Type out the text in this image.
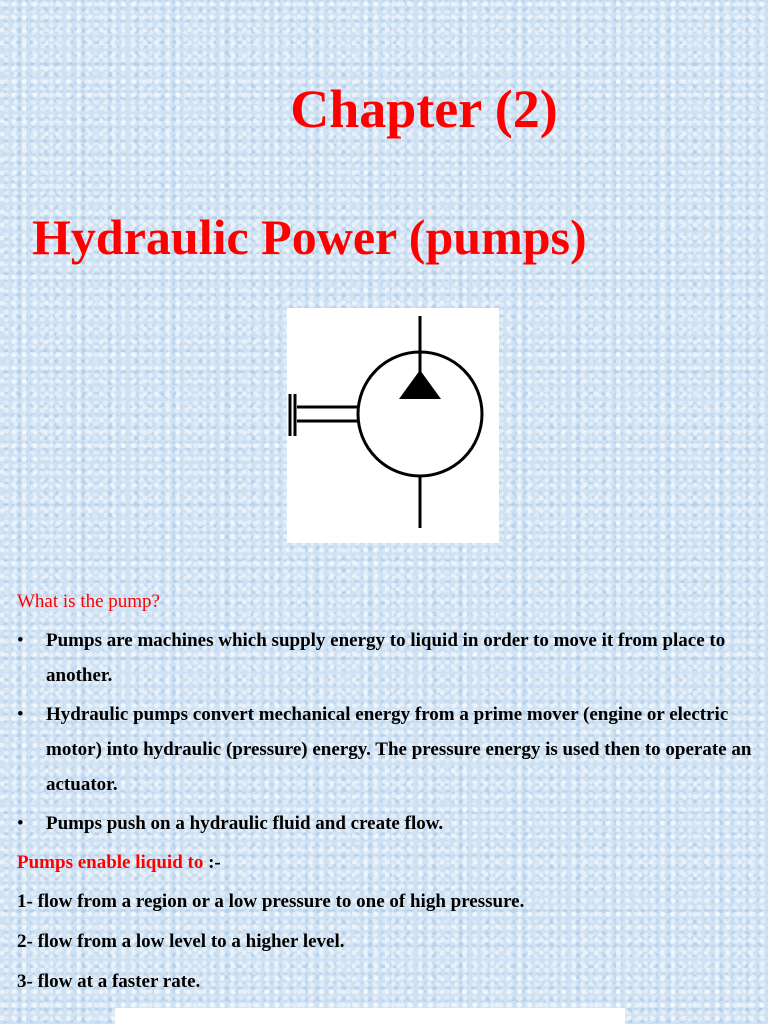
Chapter (2)
Hydraulic Power (pumps)

What is the pump?

• Pumps are machines which supply energy to liquid in order to move it from place to another.
• Hydraulic pumps convert mechanical energy from a prime mover (engine or electric motor) into hydraulic (pressure) energy. The pressure energy is used then to operate an actuator.
• Pumps push on a hydraulic fluid and create flow.

Pumps enable liquid to :-

1- flow from a region or a low pressure to one of high pressure.

2- flow from a low level to a higher level.

3- flow at a faster rate.
